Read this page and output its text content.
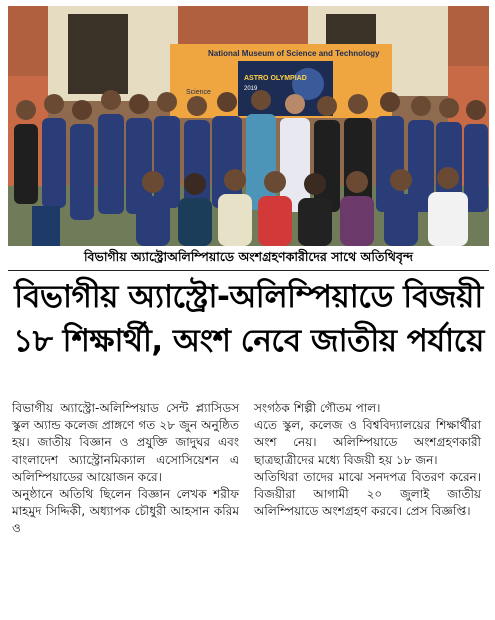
National Museum of Science and Technology
Science
ASTRO OLYMPIAD
2019
বিভাগীয় অ্যাস্ট্রোঅলিম্পিয়াডে অংশগ্রহণকারীদের সাথে অতিথিবৃন্দ
বিভাগীয় অ্যাস্ট্রো-অলিম্পিয়াডে বিজয়ী
১৮ শিক্ষার্থী, অংশ নেবে জাতীয় পর্যায়ে

বিভাগীয় অ্যাস্ট্রো-অলিম্পিয়াড সেন্ট প্ল্যাসিডস স্কুল অ্যান্ড কলেজ প্রাঙ্গণে গত ২৮ জুন অনুষ্ঠিত হয়। জাতীয় বিজ্ঞান ও প্রযুক্তি জাদুঘর এবং বাংলাদেশ অ্যাস্ট্রোনমিক্যাল এসোসিয়েশন এ অলিম্পিয়াডের আয়োজন করে।

অনুষ্ঠানে অতিথি ছিলেন বিজ্ঞান লেখক শরীফ মাহমুদ সিদ্দিকী, অধ্যাপক চৌধুরী আহসান করিম ও

সংগঠক শিল্পী গৌতম পাল।

এতে স্কুল, কলেজ ও বিশ্ববিদ্যালয়ের শিক্ষার্থীরা অংশ নেয়। অলিম্পিয়াডে অংশগ্রহণকারী ছাত্রছাত্রীদের মধ্যে বিজয়ী হয় ১৮ জন।

অতিথিরা তাদের মাঝে সনদপত্র বিতরণ করেন। বিজয়ীরা আগামী ২০ জুলাই জাতীয় অলিম্পিয়াডে অংশগ্রহণ করবে। প্রেস বিজ্ঞপ্তি।
